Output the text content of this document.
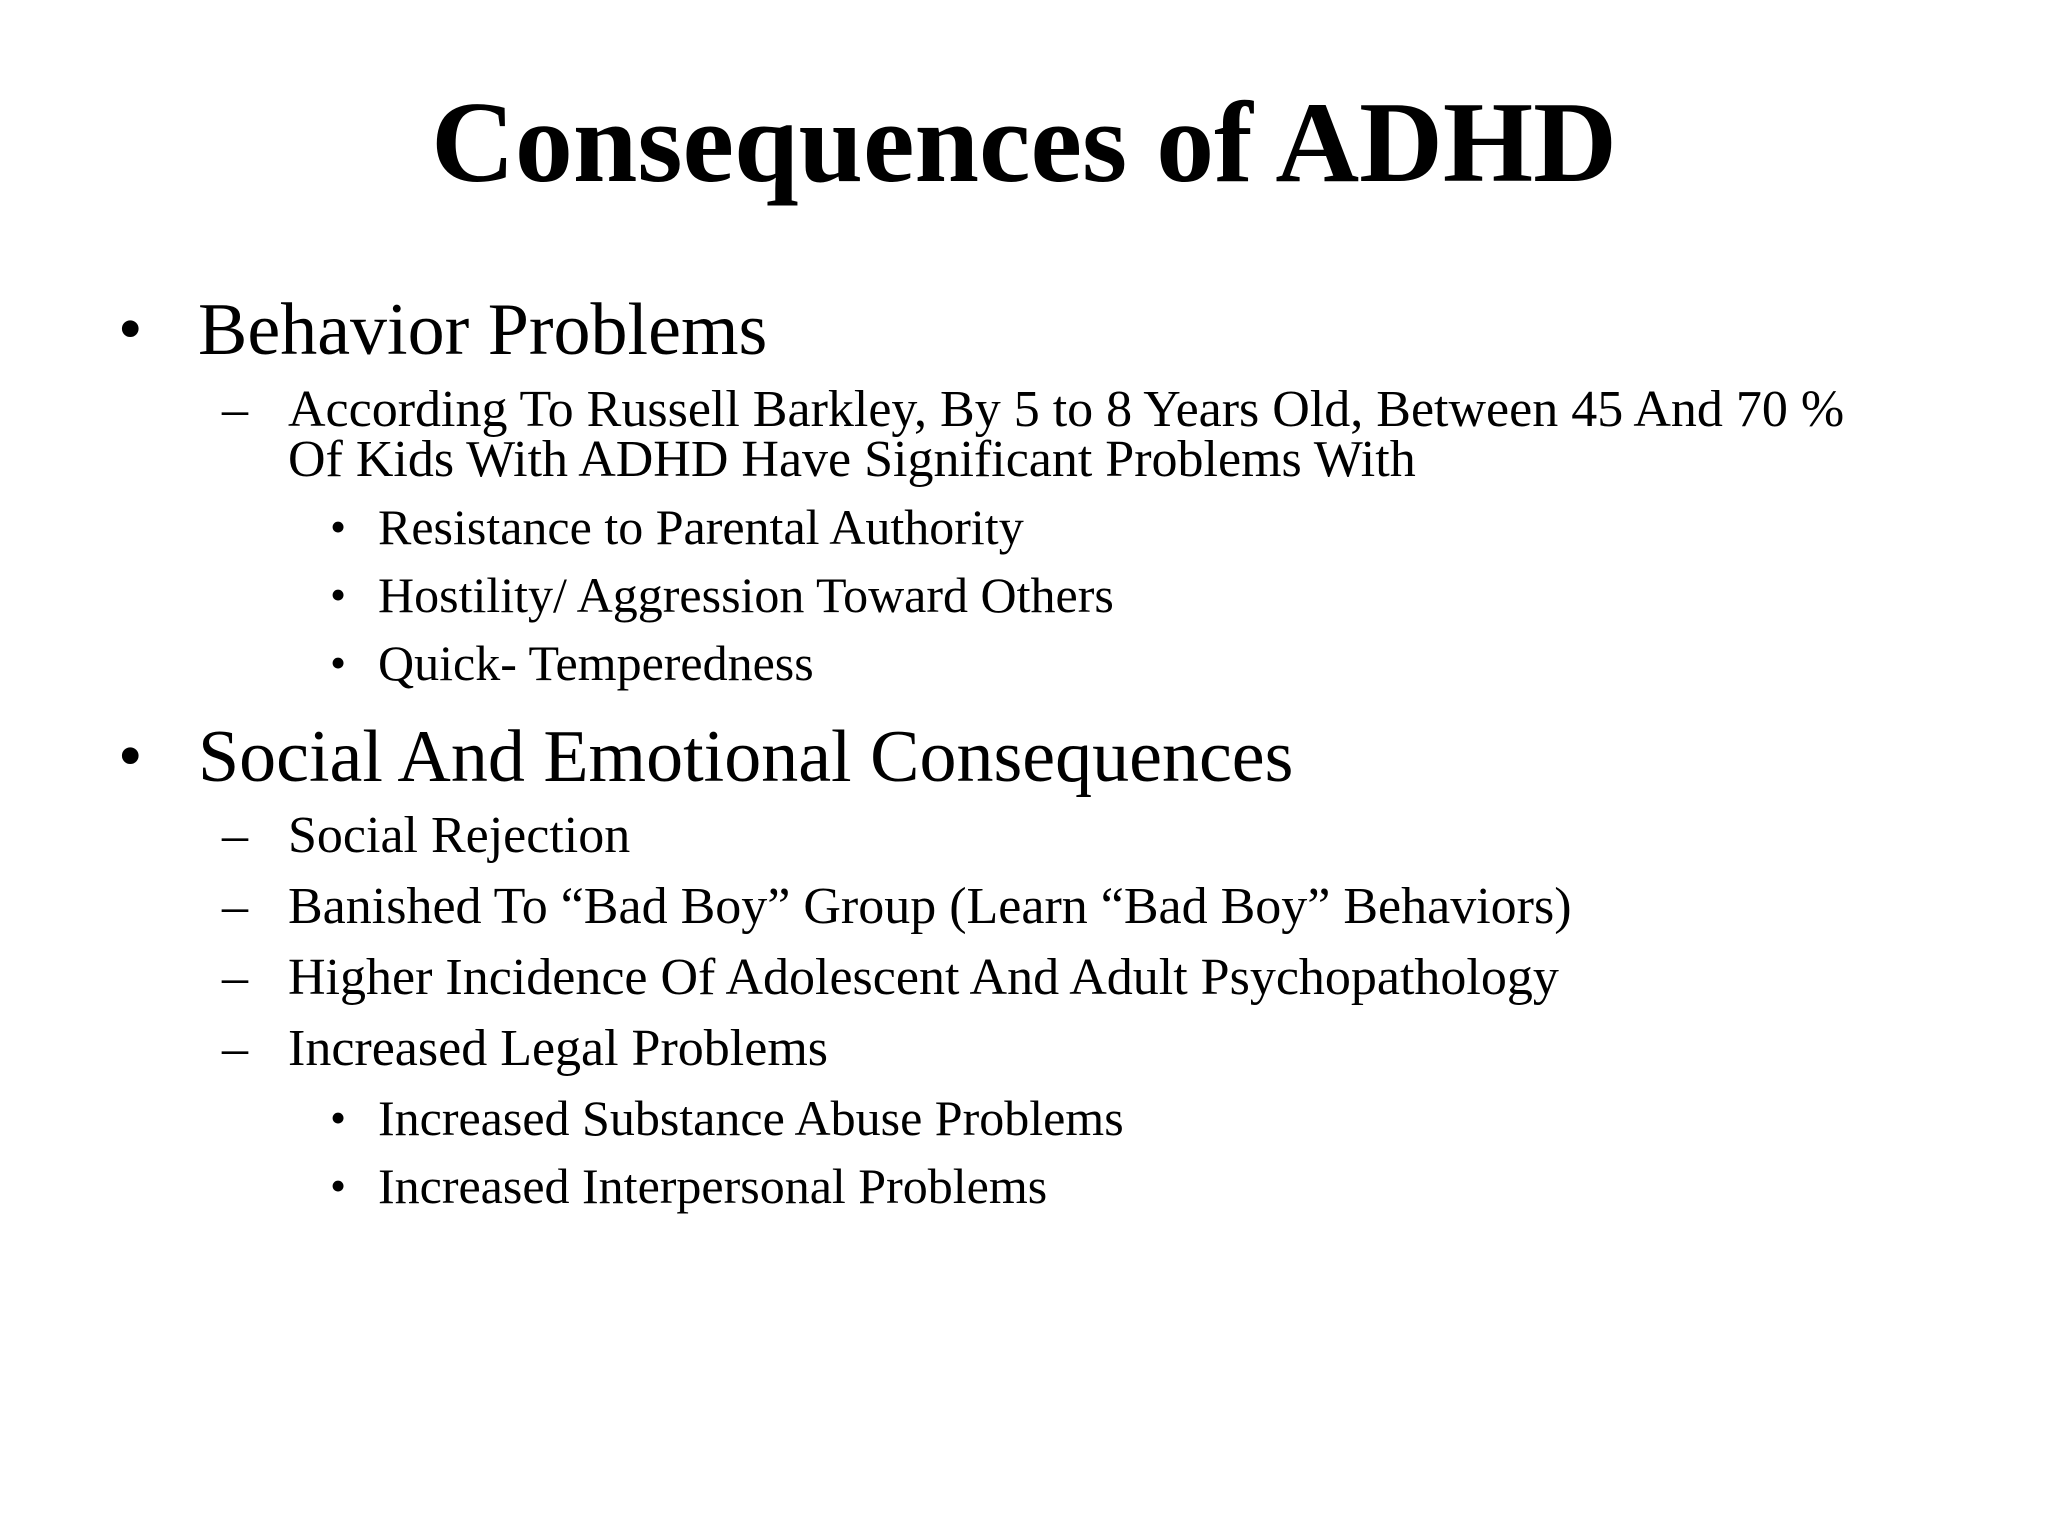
Consequences of ADHD
• Behavior Problems
– According To Russell Barkley, By 5 to 8 Years Old, Between 45 And 70 %
Of Kids With ADHD Have Significant Problems With
• Resistance to Parental Authority
• Hostility/ Aggression Toward Others
• Quick- Temperedness
• Social And Emotional Consequences
– Social Rejection
– Banished To “Bad Boy” Group (Learn “Bad Boy” Behaviors)
– Higher Incidence Of Adolescent And Adult Psychopathology
– Increased Legal Problems
• Increased Substance Abuse Problems
• Increased Interpersonal Problems
